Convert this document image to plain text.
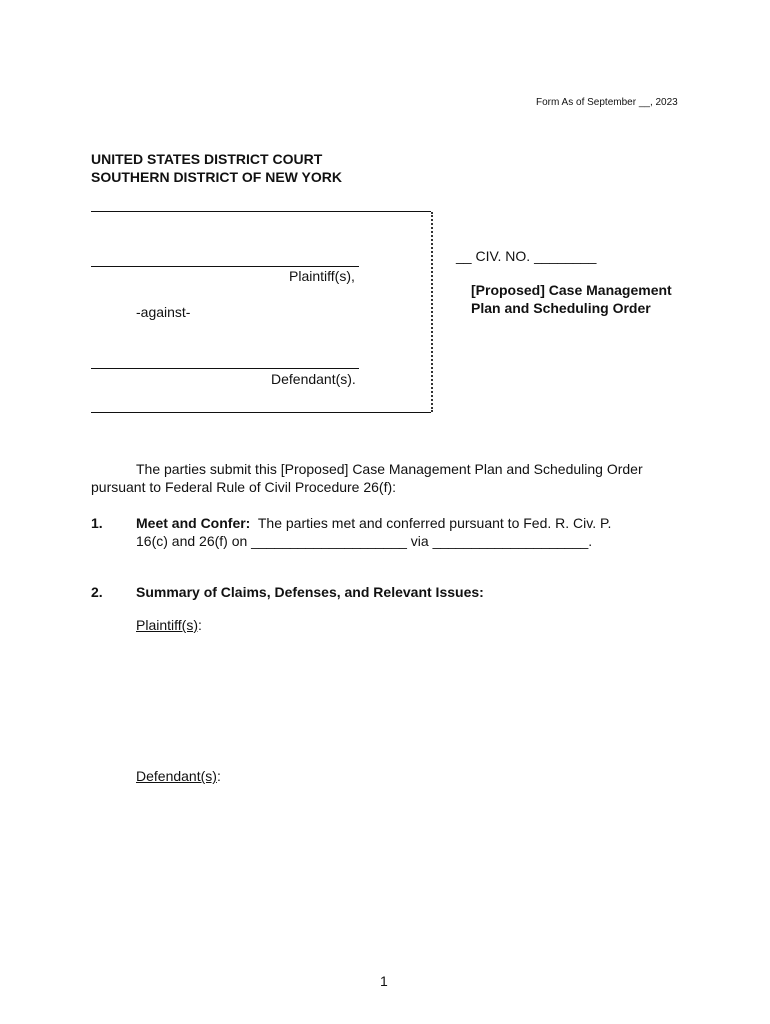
Form As of September __, 2023
UNITED STATES DISTRICT COURT
SOUTHERN DISTRICT OF NEW YORK
Plaintiff(s),
-against-
Defendant(s).
__ CIV. NO. ________
[Proposed] Case Management
Plan and Scheduling Order
The parties submit this [Proposed] Case Management Plan and Scheduling Order
pursuant to Federal Rule of Civil Procedure 26(f):
1. Meet and Confer: The parties met and conferred pursuant to Fed. R. Civ. P.
16(c) and 26(f) on ____________________ via ____________________.
2. Summary of Claims, Defenses, and Relevant Issues:
Plaintiff(s):
Defendant(s):
1
